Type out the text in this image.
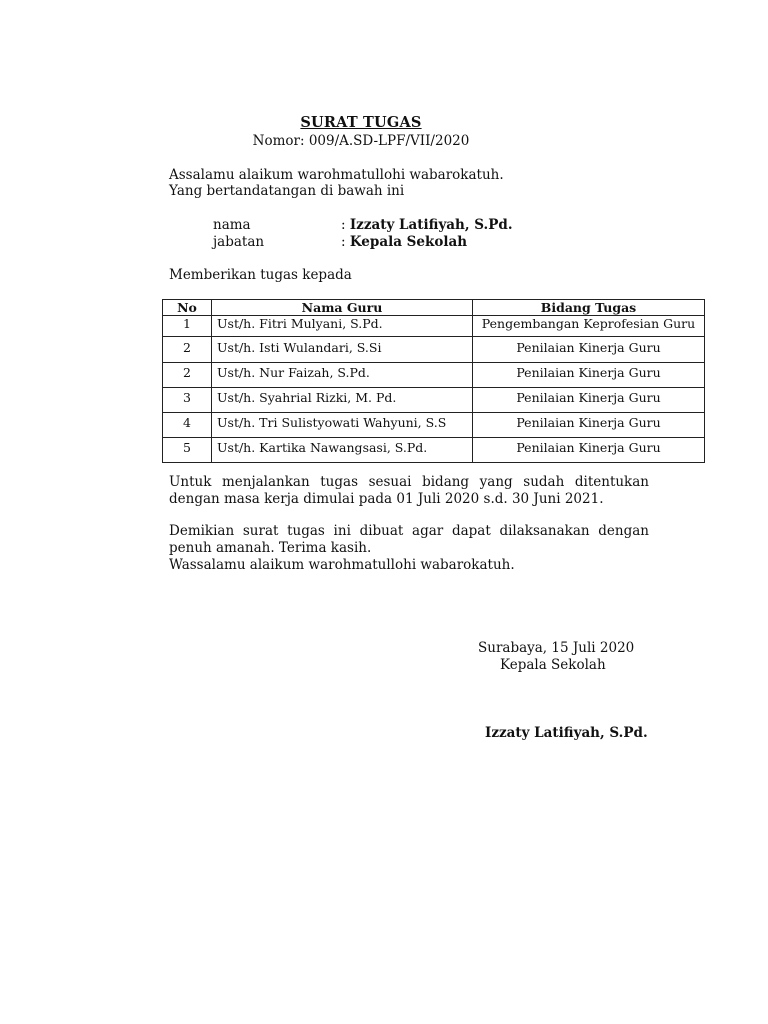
SURAT TUGAS
Nomor: 009/A.SD-LPF/VII/2020
Assalamu alaikum warohmatullohi wabarokatuh.
Yang bertandatangan di bawah ini
nama	: Izzaty Latifiyah, S.Pd.
jabatan	: Kepala Sekolah
Memberikan tugas kepada
No	Nama Guru	Bidang Tugas
1	Ust/h. Fitri Mulyani, S.Pd.	Pengembangan Keprofesian Guru
2	Ust/h. Isti Wulandari, S.Si	Penilaian Kinerja Guru
2	Ust/h. Nur Faizah, S.Pd.	Penilaian Kinerja Guru
3	Ust/h. Syahrial Rizki, M. Pd.	Penilaian Kinerja Guru
4	Ust/h. Tri Sulistyowati Wahyuni, S.S	Penilaian Kinerja Guru
5	Ust/h. Kartika Nawangsasi, S.Pd.	Penilaian Kinerja Guru
Untuk menjalankan tugas sesuai bidang yang sudah ditentukan
dengan masa kerja dimulai pada 01 Juli 2020 s.d. 30 Juni 2021.
Demikian surat tugas ini dibuat agar dapat dilaksanakan dengan
penuh amanah. Terima kasih.
Wassalamu alaikum warohmatullohi wabarokatuh.
Surabaya, 15 Juli 2020
Kepala Sekolah
Izzaty Latifiyah, S.Pd.
